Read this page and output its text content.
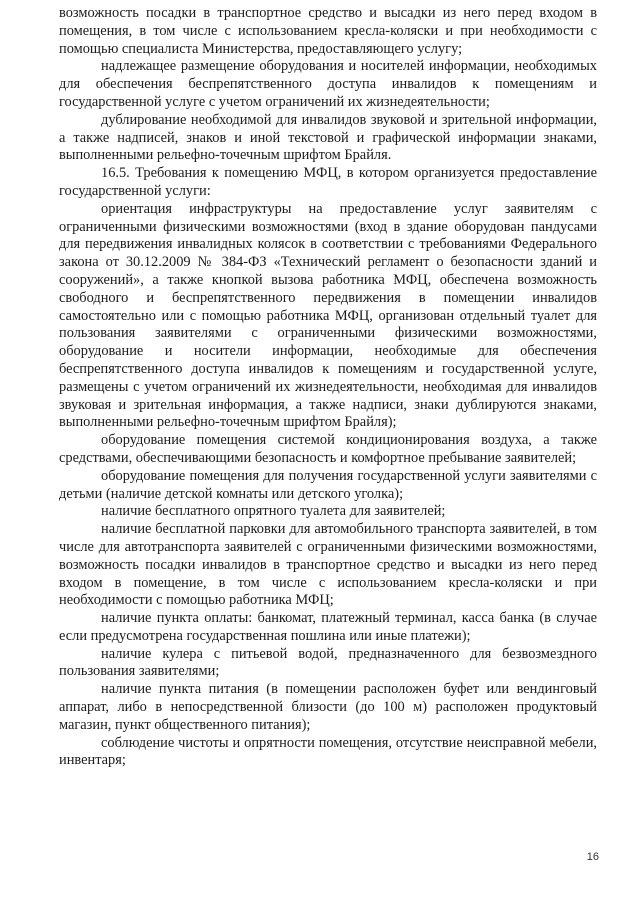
возможность посадки в транспортное средство и высадки из него перед входом в помещения, в том числе с использованием кресла-коляски и при необходимости с помощью специалиста Министерства, предоставляющего услугу;

надлежащее размещение оборудования и носителей информации, необходимых для обеспечения беспрепятственного доступа инвалидов к помещениям и государственной услуге с учетом ограничений их жизнедеятельности;

дублирование необходимой для инвалидов звуковой и зрительной информации, а также надписей, знаков и иной текстовой и графической информации знаками, выполненными рельефно-точечным шрифтом Брайля.

16.5. Требования к помещению МФЦ, в котором организуется предоставление государственной услуги:

ориентация инфраструктуры на предоставление услуг заявителям с ограниченными физическими возможностями (вход в здание оборудован пандусами для передвижения инвалидных колясок в соответствии с требованиями Федерального закона от 30.12.2009 № 384-ФЗ «Технический регламент о безопасности зданий и сооружений», а также кнопкой вызова работника МФЦ, обеспечена возможность свободного и беспрепятственного передвижения в помещении инвалидов самостоятельно или с помощью работника МФЦ, организован отдельный туалет для пользования заявителями с ограниченными физическими возможностями, оборудование и носители информации, необходимые для обеспечения беспрепятственного доступа инвалидов к помещениям и государственной услуге, размещены с учетом ограничений их жизнедеятельности, необходимая для инвалидов звуковая и зрительная информация, а также надписи, знаки дублируются знаками, выполненными рельефно-точечным шрифтом Брайля);

оборудование помещения системой кондиционирования воздуха, а также средствами, обеспечивающими безопасность и комфортное пребывание заявителей;

оборудование помещения для получения государственной услуги заявителями с детьми (наличие детской комнаты или детского уголка);

наличие бесплатного опрятного туалета для заявителей;

наличие бесплатной парковки для автомобильного транспорта заявителей, в том числе для автотранспорта заявителей с ограниченными физическими возможностями, возможность посадки инвалидов в транспортное средство и высадки из него перед входом в помещение, в том числе с использованием кресла-коляски и при необходимости с помощью работника МФЦ;

наличие пункта оплаты: банкомат, платежный терминал, касса банка (в случае если предусмотрена государственная пошлина или иные платежи);

наличие кулера с питьевой водой, предназначенного для безвозмездного пользования заявителями;

наличие пункта питания (в помещении расположен буфет или вендинговый аппарат, либо в непосредственной близости (до 100 м) расположен продуктовый магазин, пункт общественного питания);

соблюдение чистоты и опрятности помещения, отсутствие неисправной мебели, инвентаря;

16
